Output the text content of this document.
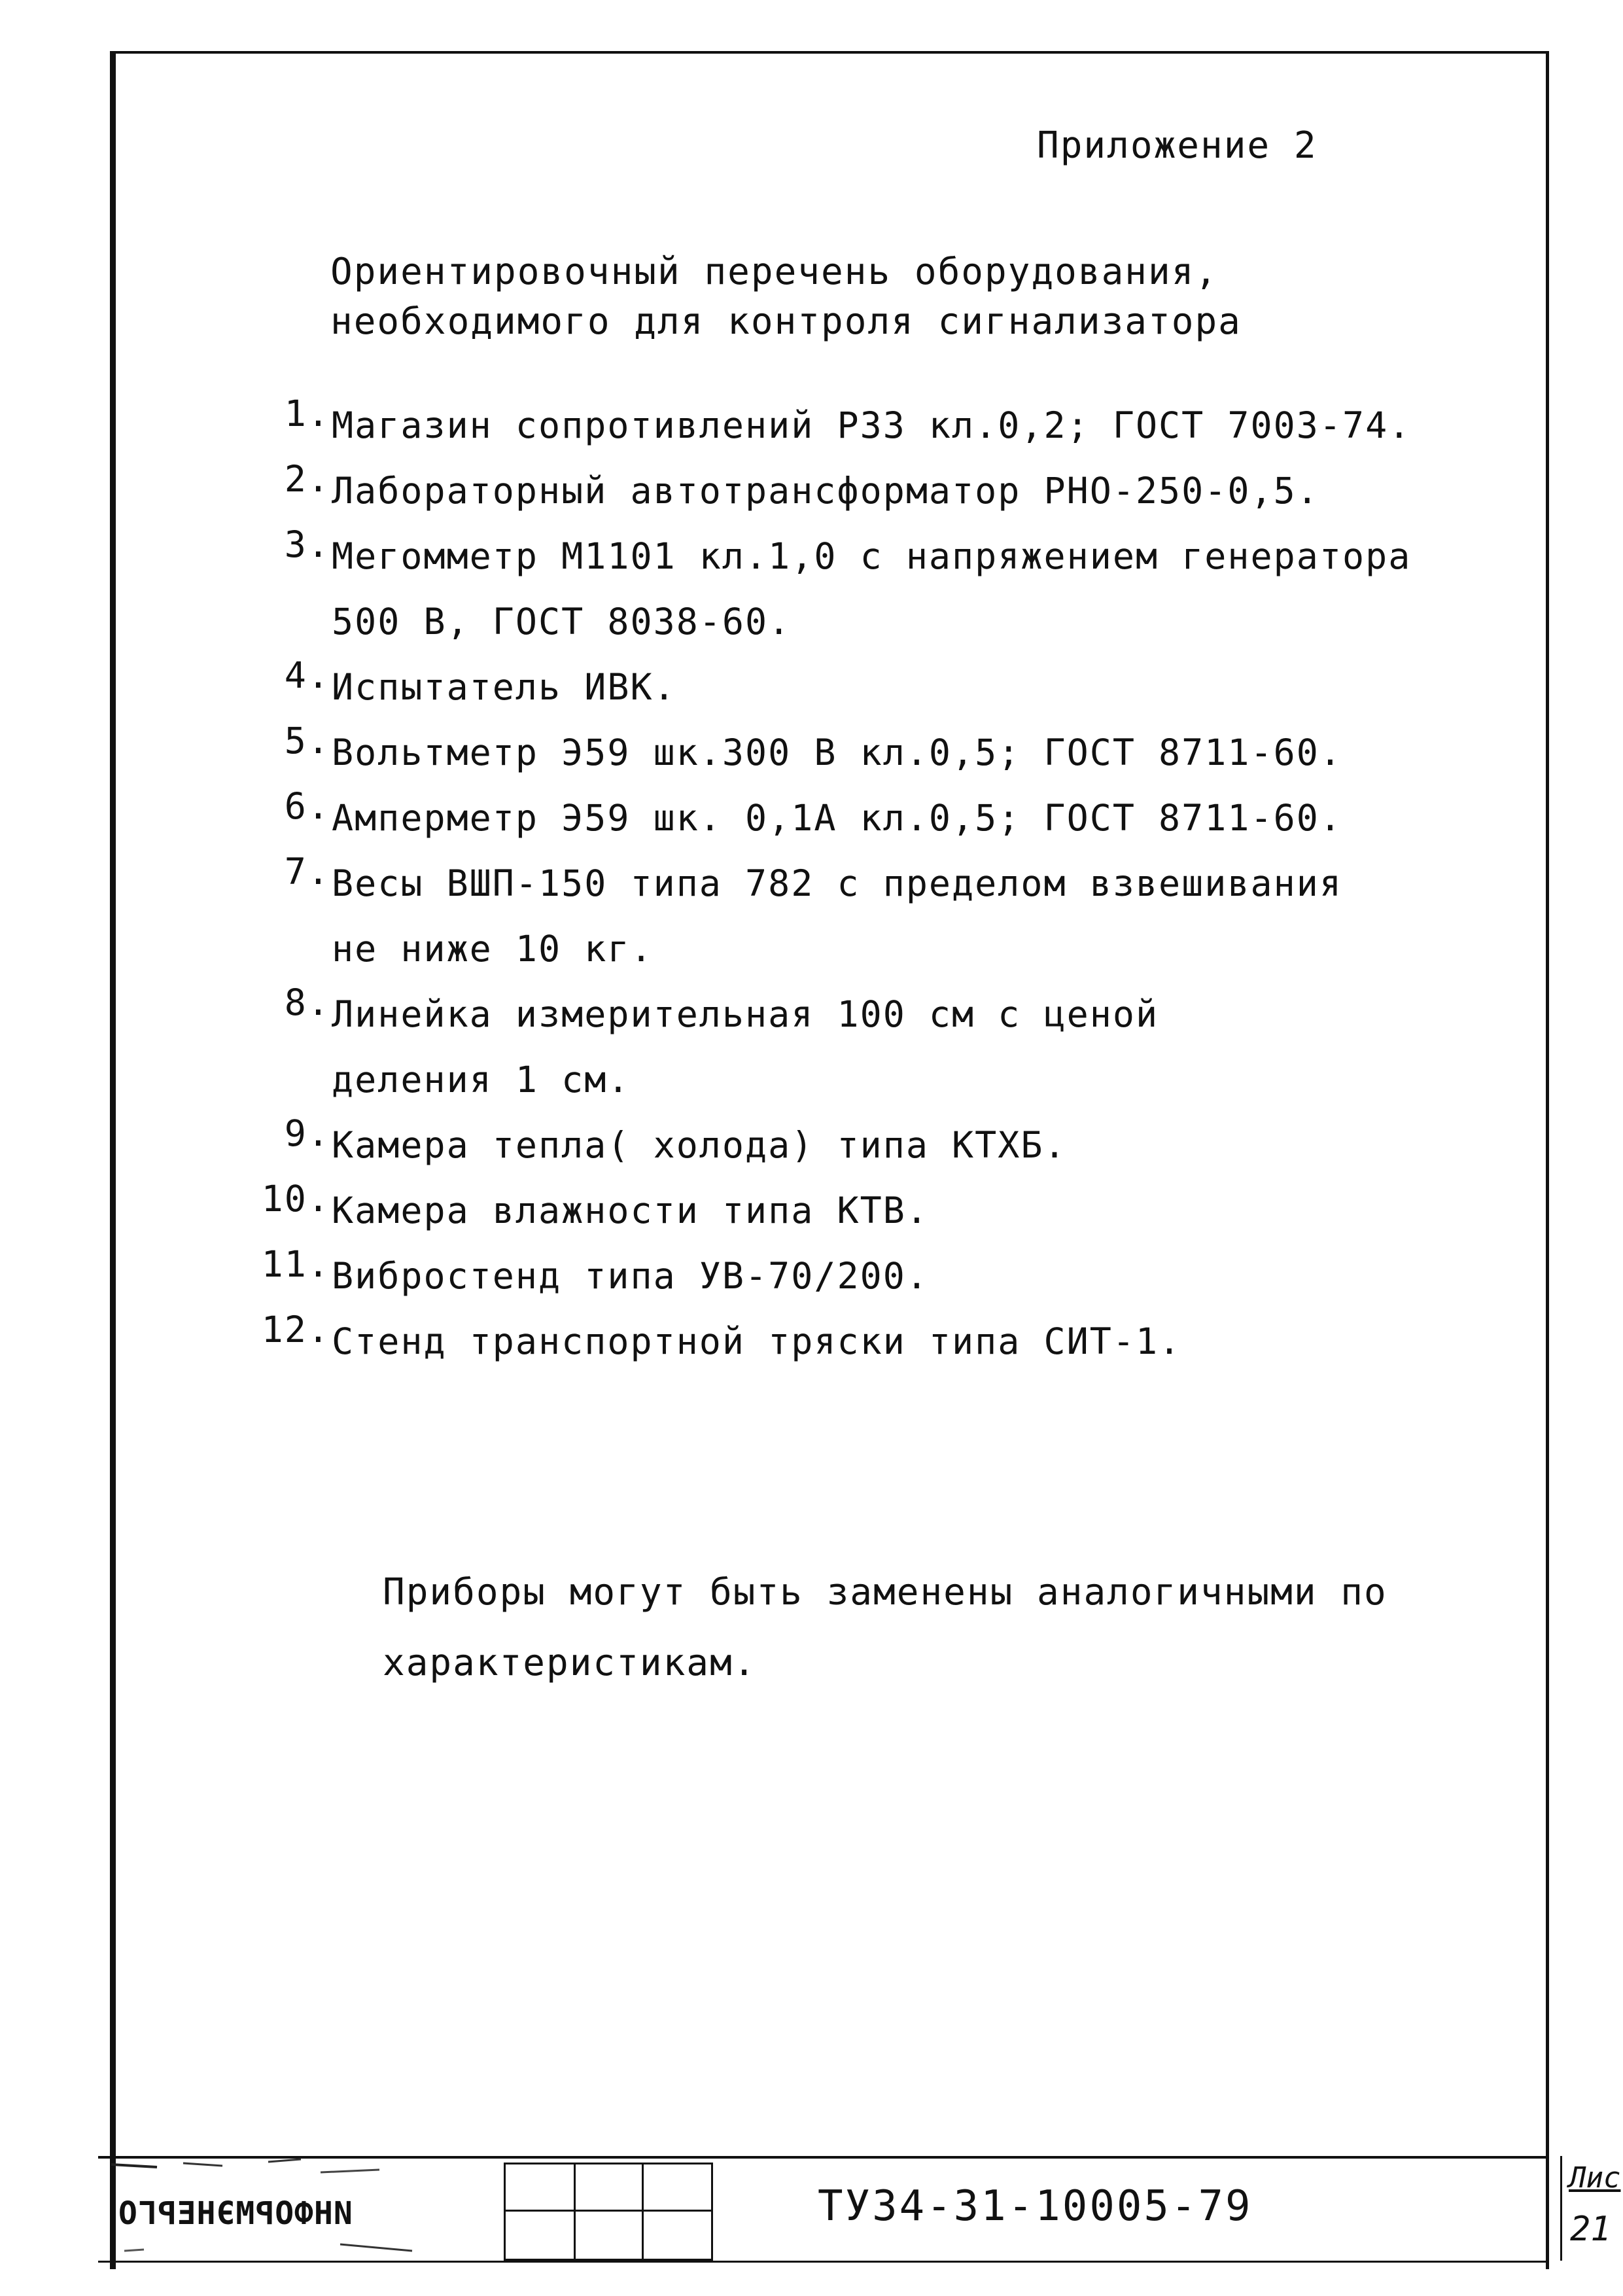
Приложение 2
Ориентировочный перечень оборудования,
необходимого для контроля сигнализатора
1. Магазин сопротивлений Р33 кл.0,2; ГОСТ 7003-74.
2. Лабораторный автотрансформатор РНО-250-0,5.
3. Мегомметр М1101 кл.1,0 с напряжением генератора
500 В, ГОСТ 8038-60.
4. Испытатель ИВК.
5. Вольтметр Э59 шк.300 В кл.0,5; ГОСТ 8711-60.
6. Амперметр Э59 шк. 0,1А кл.0,5; ГОСТ 8711-60.
7. Весы ВШП-150 типа 782 с пределом взвешивания
не ниже 10 кг.
8. Линейка измерительная 100 см с ценой
деления 1 см.
9. Камера тепла( холода) типа КТХБ.
10. Камера влажности типа КТВ.
11. Вибростенд типа УВ-70/200.
12. Стенд транспортной тряски типа СИТ-1.
Приборы могут быть заменены аналогичными по
характеристикам.
ИНФОРМЭНЕРГО	ТУ34-31-10005-79
Лис
21
